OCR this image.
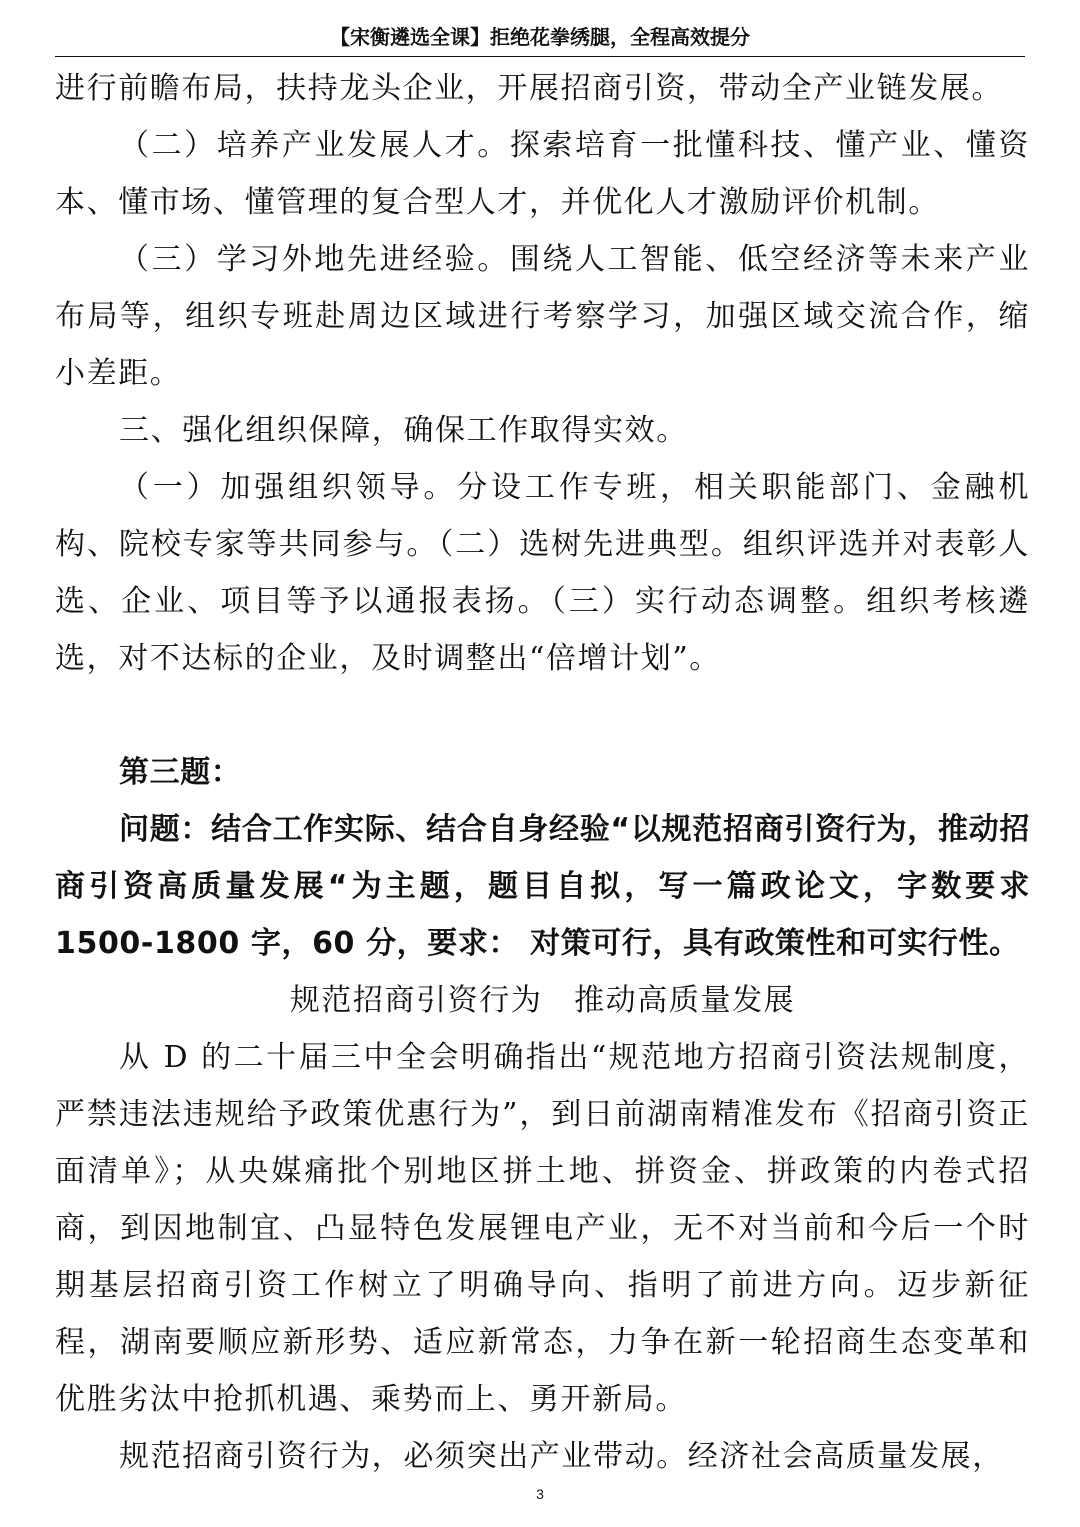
【宋衡遴选全课】拒绝花拳绣腿，全程高效提分

进行前瞻布局，扶持龙头企业，开展招商引资，带动全产业链发展。

（二）培养产业发展人才。探索培育一批懂科技、懂产业、懂资本、懂市场、懂管理的复合型人才，并优化人才激励评价机制。

（三）学习外地先进经验。围绕人工智能、低空经济等未来产业布局等，组织专班赴周边区域进行考察学习，加强区域交流合作，缩小差距。

三、强化组织保障，确保工作取得实效。

（一）加强组织领导。分设工作专班，相关职能部门、金融机构、院校专家等共同参与。（二）选树先进典型。组织评选并对表彰人选、企业、项目等予以通报表扬。（三）实行动态调整。组织考核遴选，对不达标的企业，及时调整出“倍增计划”。

第三题：

问题：结合工作实际、结合自身经验“以规范招商引资行为，推动招商引资高质量发展“为主题，题目自拟，写一篇政论文，字数要求 1500-1800 字，60 分，要求： 对策可行，具有政策性和可实行性。

规范招商引资行为　推动高质量发展

从 D 的二十届三中全会明确指出“规范地方招商引资法规制度，严禁违法违规给予政策优惠行为”，到日前湖南精准发布《招商引资正面清单》；从央媒痛批个别地区拼土地、拼资金、拼政策的内卷式招商，到因地制宜、凸显特色发展锂电产业，无不对当前和今后一个时期基层招商引资工作树立了明确导向、指明了前进方向。迈步新征程，湖南要顺应新形势、适应新常态，力争在新一轮招商生态变革和优胜劣汰中抢抓机遇、乘势而上、勇开新局。

规范招商引资行为，必须突出产业带动。经济社会高质量发展，

3
